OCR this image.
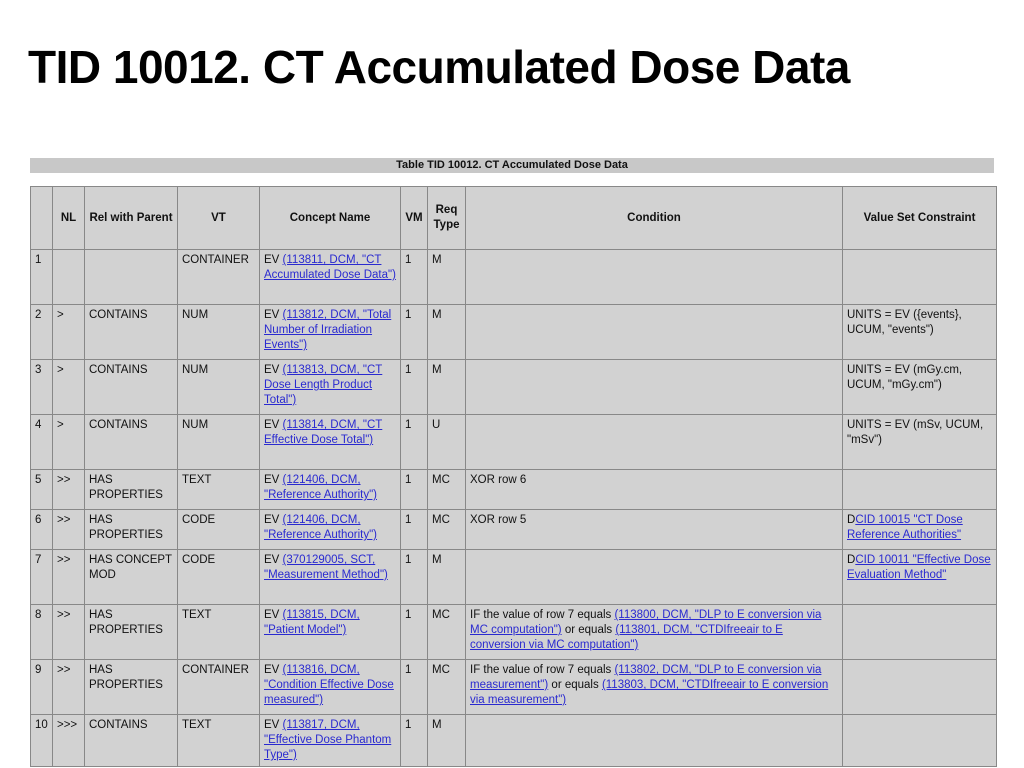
TID 10012. CT Accumulated Dose Data
Table TID 10012. CT Accumulated Dose Data
	NL	Rel with Parent	VT	Concept Name	VM	Req Type	Condition	Value Set Constraint
1			CONTAINER	EV (113811, DCM, "CT Accumulated Dose Data")	1	M		
2	>	CONTAINS	NUM	EV (113812, DCM, "Total Number of Irradiation Events")	1	M		UNITS = EV ({events}, UCUM, "events")
3	>	CONTAINS	NUM	EV (113813, DCM, "CT Dose Length Product Total")	1	M		UNITS = EV (mGy.cm, UCUM, "mGy.cm")
4	>	CONTAINS	NUM	EV (113814, DCM, "CT Effective Dose Total")	1	U		UNITS = EV (mSv, UCUM, "mSv")
5	>>	HAS PROPERTIES	TEXT	EV (121406, DCM, "Reference Authority")	1	MC	XOR row 6	
6	>>	HAS PROPERTIES	CODE	EV (121406, DCM, "Reference Authority")	1	MC	XOR row 5	DCID 10015 "CT Dose Reference Authorities"
7	>>	HAS CONCEPT MOD	CODE	EV (370129005, SCT, "Measurement Method")	1	M		DCID 10011 "Effective Dose Evaluation Method"
8	>>	HAS PROPERTIES	TEXT	EV (113815, DCM, "Patient Model")	1	MC	IF the value of row 7 equals (113800, DCM, "DLP to E conversion via MC computation") or equals (113801, DCM, "CTDIfreeair to E conversion via MC computation")	
9	>>	HAS PROPERTIES	CONTAINER	EV (113816, DCM, "Condition Effective Dose measured")	1	MC	IF the value of row 7 equals (113802, DCM, "DLP to E conversion via measurement") or equals (113803, DCM, "CTDIfreeair to E conversion via measurement")	
10	>>>	CONTAINS	TEXT	EV (113817, DCM, "Effective Dose Phantom Type")	1	M		
